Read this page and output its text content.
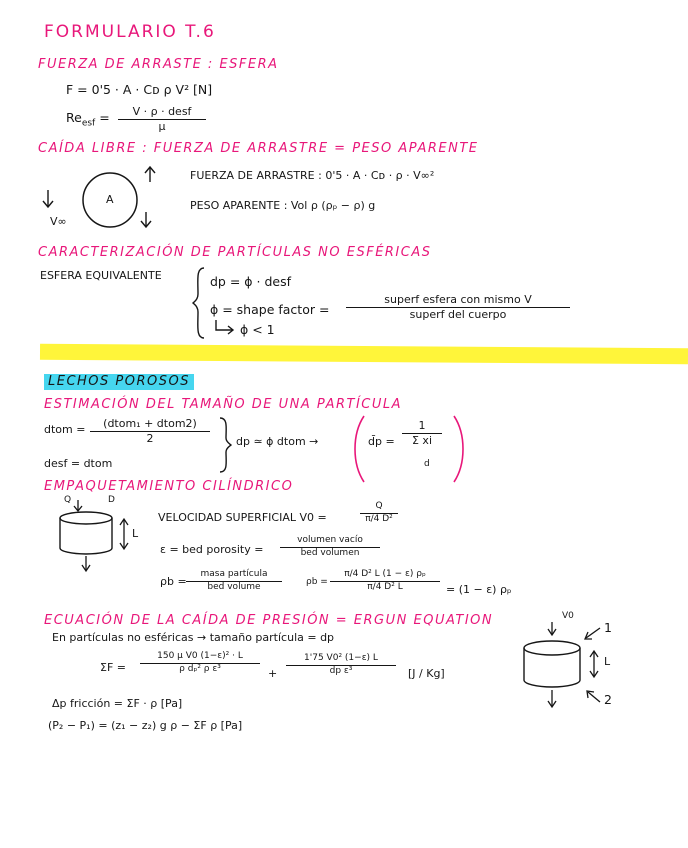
FORMULARIO T.6
FUERZA DE ARRASTE : ESFERA
F = 0'5 · A · Cᴅ ρ V² [N]
$Re_{esf}$ =	V · ρ · desf
μ
CAÍDA LIBRE : FUERZA DE ARRASTRE = PESO APARENTE
A
V∞
FUERZA DE ARRASTRE : 0'5 · A · Cᴅ · ρ · V∞²
PESO APARENTE : Vol ρ (ρₚ − ρ) g
CARACTERIZACIÓN DE PARTÍCULAS NO ESFÉRICAS
ESFERA EQUIVALENTE	dp = ϕ · desf
ϕ = shape factor =
superf esfera con mismo V
superf del cuerpo
ϕ < 1
LECHOS POROSOS
ESTIMACIÓN DEL TAMAÑO DE UNA PARTÍCULA
dtom =	(dtom₁ + dtom2)
2
desf = dtom
dp ≃ ϕ dtom →	d̄p =
1
Σ xi
d
EMPAQUETAMIENTO CILÍNDRICO
Q	D
L
VELOCIDAD SUPERFICIAL V0 =
Q
π/4 D²
ε = bed porosity =
volumen vacío
bed volumen
ρb =
masa partícula
bed volume	ρb =
π/4 D² L (1 − ε) ρₚ
π/4 D² L	= (1 − ε) ρₚ
ECUACIÓN DE LA CAÍDA DE PRESIÓN = ERGUN EQUATION
En partículas no esféricas → tamaño partícula = dp
ΣF =
150 μ V0 (1−ε)² · L
ρ dₚ² ρ ε³	+
1'75 V0² (1−ε) L
dp ε³	[J / Kg]
Δp fricción = ΣF · ρ [Pa]
(P₂ − P₁) = (z₁ − z₂) g ρ − ΣF ρ [Pa]
V0
1
L
2
